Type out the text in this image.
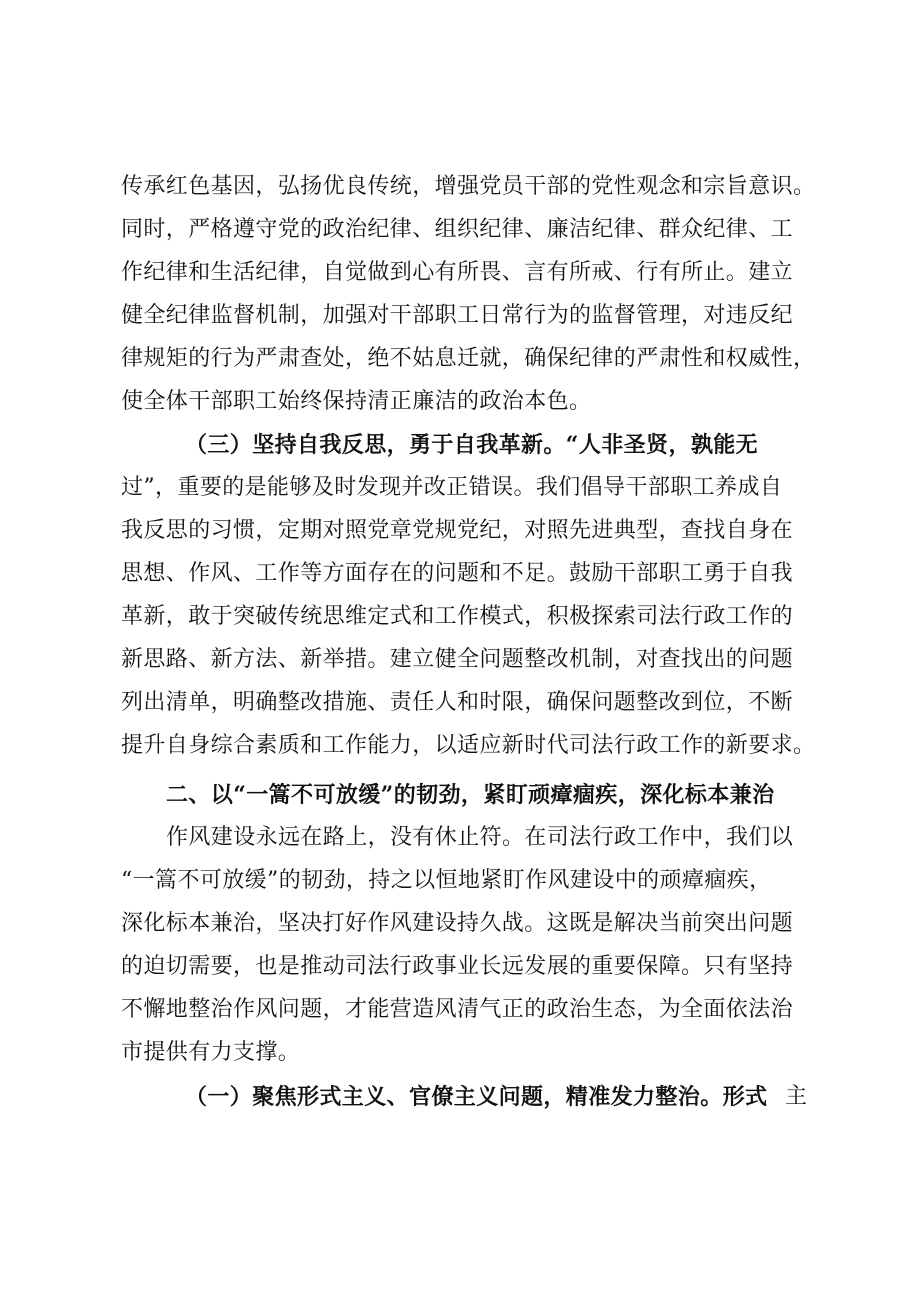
传承红色基因，弘扬优良传统，增强党员干部的党性观念和宗旨意识。
同时，严格遵守党的政治纪律、组织纪律、廉洁纪律、群众纪律、工
作纪律和生活纪律，自觉做到心有所畏、言有所戒、行有所止。建立
健全纪律监督机制，加强对干部职工日常行为的监督管理，对违反纪
律规矩的行为严肃查处，绝不姑息迁就，确保纪律的严肃性和权威性，
使全体干部职工始终保持清正廉洁的政治本色。
（三）坚持自我反思，勇于自我革新。“人非圣贤，孰能无
过”，重要的是能够及时发现并改正错误。我们倡导干部职工养成自
我反思的习惯，定期对照党章党规党纪，对照先进典型，查找自身在
思想、作风、工作等方面存在的问题和不足。鼓励干部职工勇于自我
革新，敢于突破传统思维定式和工作模式，积极探索司法行政工作的
新思路、新方法、新举措。建立健全问题整改机制，对查找出的问题
列出清单，明确整改措施、责任人和时限，确保问题整改到位，不断
提升自身综合素质和工作能力，以适应新时代司法行政工作的新要求。
二、以“一篙不可放缓”的韧劲，紧盯顽瘴痼疾，深化标本兼治
作风建设永远在路上，没有休止符。在司法行政工作中，我们以
“一篙不可放缓”的韧劲，持之以恒地紧盯作风建设中的顽瘴痼疾，
深化标本兼治，坚决打好作风建设持久战。这既是解决当前突出问题
的迫切需要，也是推动司法行政事业长远发展的重要保障。只有坚持
不懈地整治作风问题，才能营造风清气正的政治生态，为全面依法治
市提供有力支撑。
（一）聚焦形式主义、官僚主义问题，精准发力整治。形式 主
